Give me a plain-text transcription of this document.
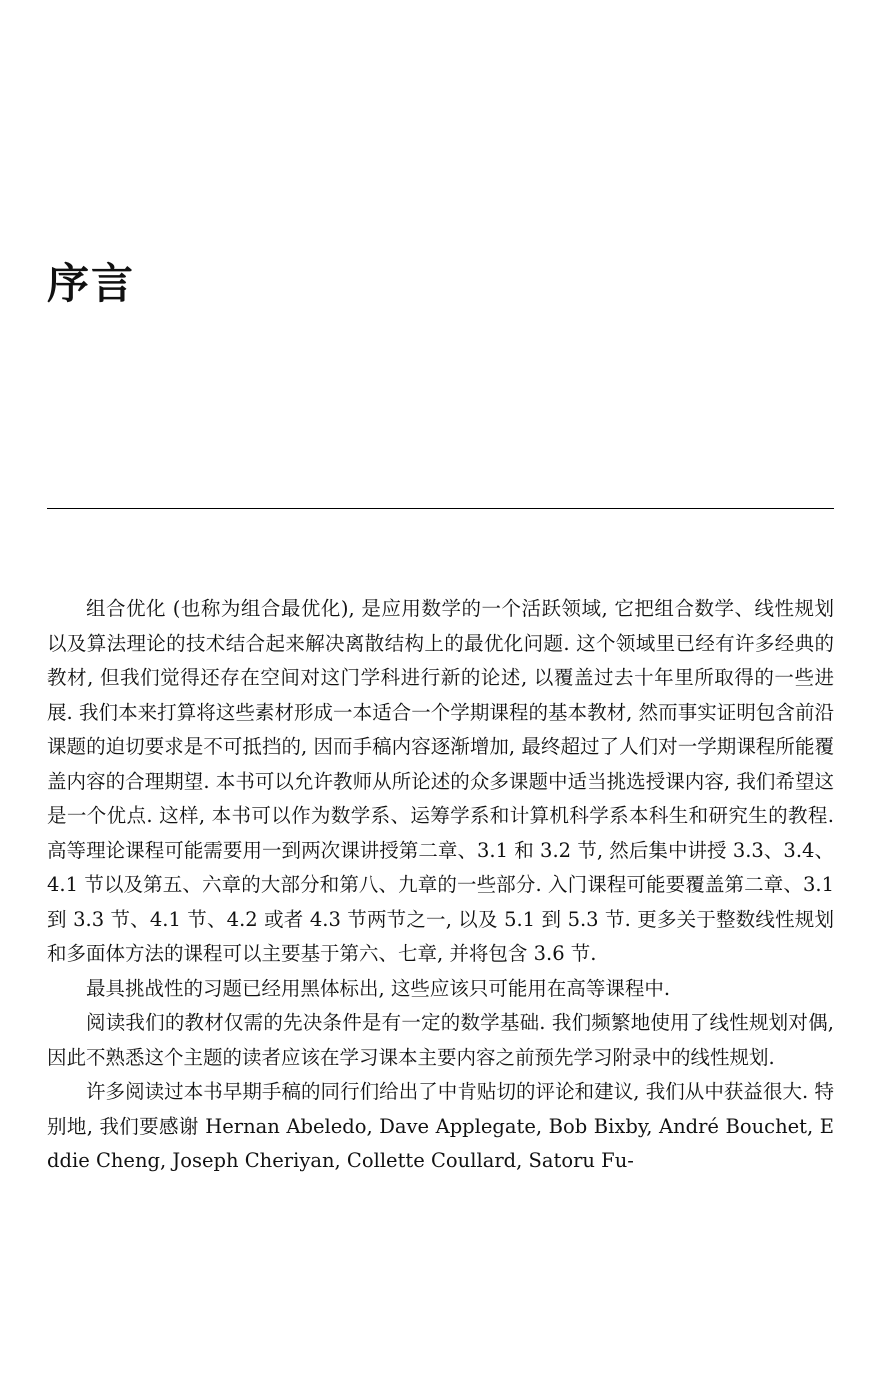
序言

组合优化 (也称为组合最优化), 是应用数学的一个活跃领域, 它把组合数学、线性规划以及算法理论的技术结合起来解决离散结构上的最优化问题. 这个领域里已经有许多经典的教材, 但我们觉得还存在空间对这门学科进行新的论述, 以覆盖过去十年里所取得的一些进展. 我们本来打算将这些素材形成一本适合一个学期课程的基本教材, 然而事实证明包含前沿课题的迫切要求是不可抵挡的, 因而手稿内容逐渐增加, 最终超过了人们对一学期课程所能覆盖内容的合理期望. 本书可以允许教师从所论述的众多课题中适当挑选授课内容, 我们希望这是一个优点. 这样, 本书可以作为数学系、运筹学系和计算机科学系本科生和研究生的教程. 高等理论课程可能需要用一到两次课讲授第二章、3.1 和 3.2 节, 然后集中讲授 3.3、3.4、4.1 节以及第五、六章的大部分和第八、九章的一些部分. 入门课程可能要覆盖第二章、3.1 到 3.3 节、4.1 节、4.2 或者 4.3 节两节之一, 以及 5.1 到 5.3 节. 更多关于整数线性规划和多面体方法的课程可以主要基于第六、七章, 并将包含 3.6 节.

最具挑战性的习题已经用黑体标出, 这些应该只可能用在高等课程中.

阅读我们的教材仅需的先决条件是有一定的数学基础. 我们频繁地使用了线性规划对偶, 因此不熟悉这个主题的读者应该在学习课本主要内容之前预先学习附录中的线性规划.

许多阅读过本书早期手稿的同行们给出了中肯贴切的评论和建议, 我们从中获益很大. 特别地, 我们要感谢 Hernan Abeledo, Dave Applegate, Bob Bixby, André Bouchet, Eddie Cheng, Joseph Cheriyan, Collette Coullard, Satoru Fu-
